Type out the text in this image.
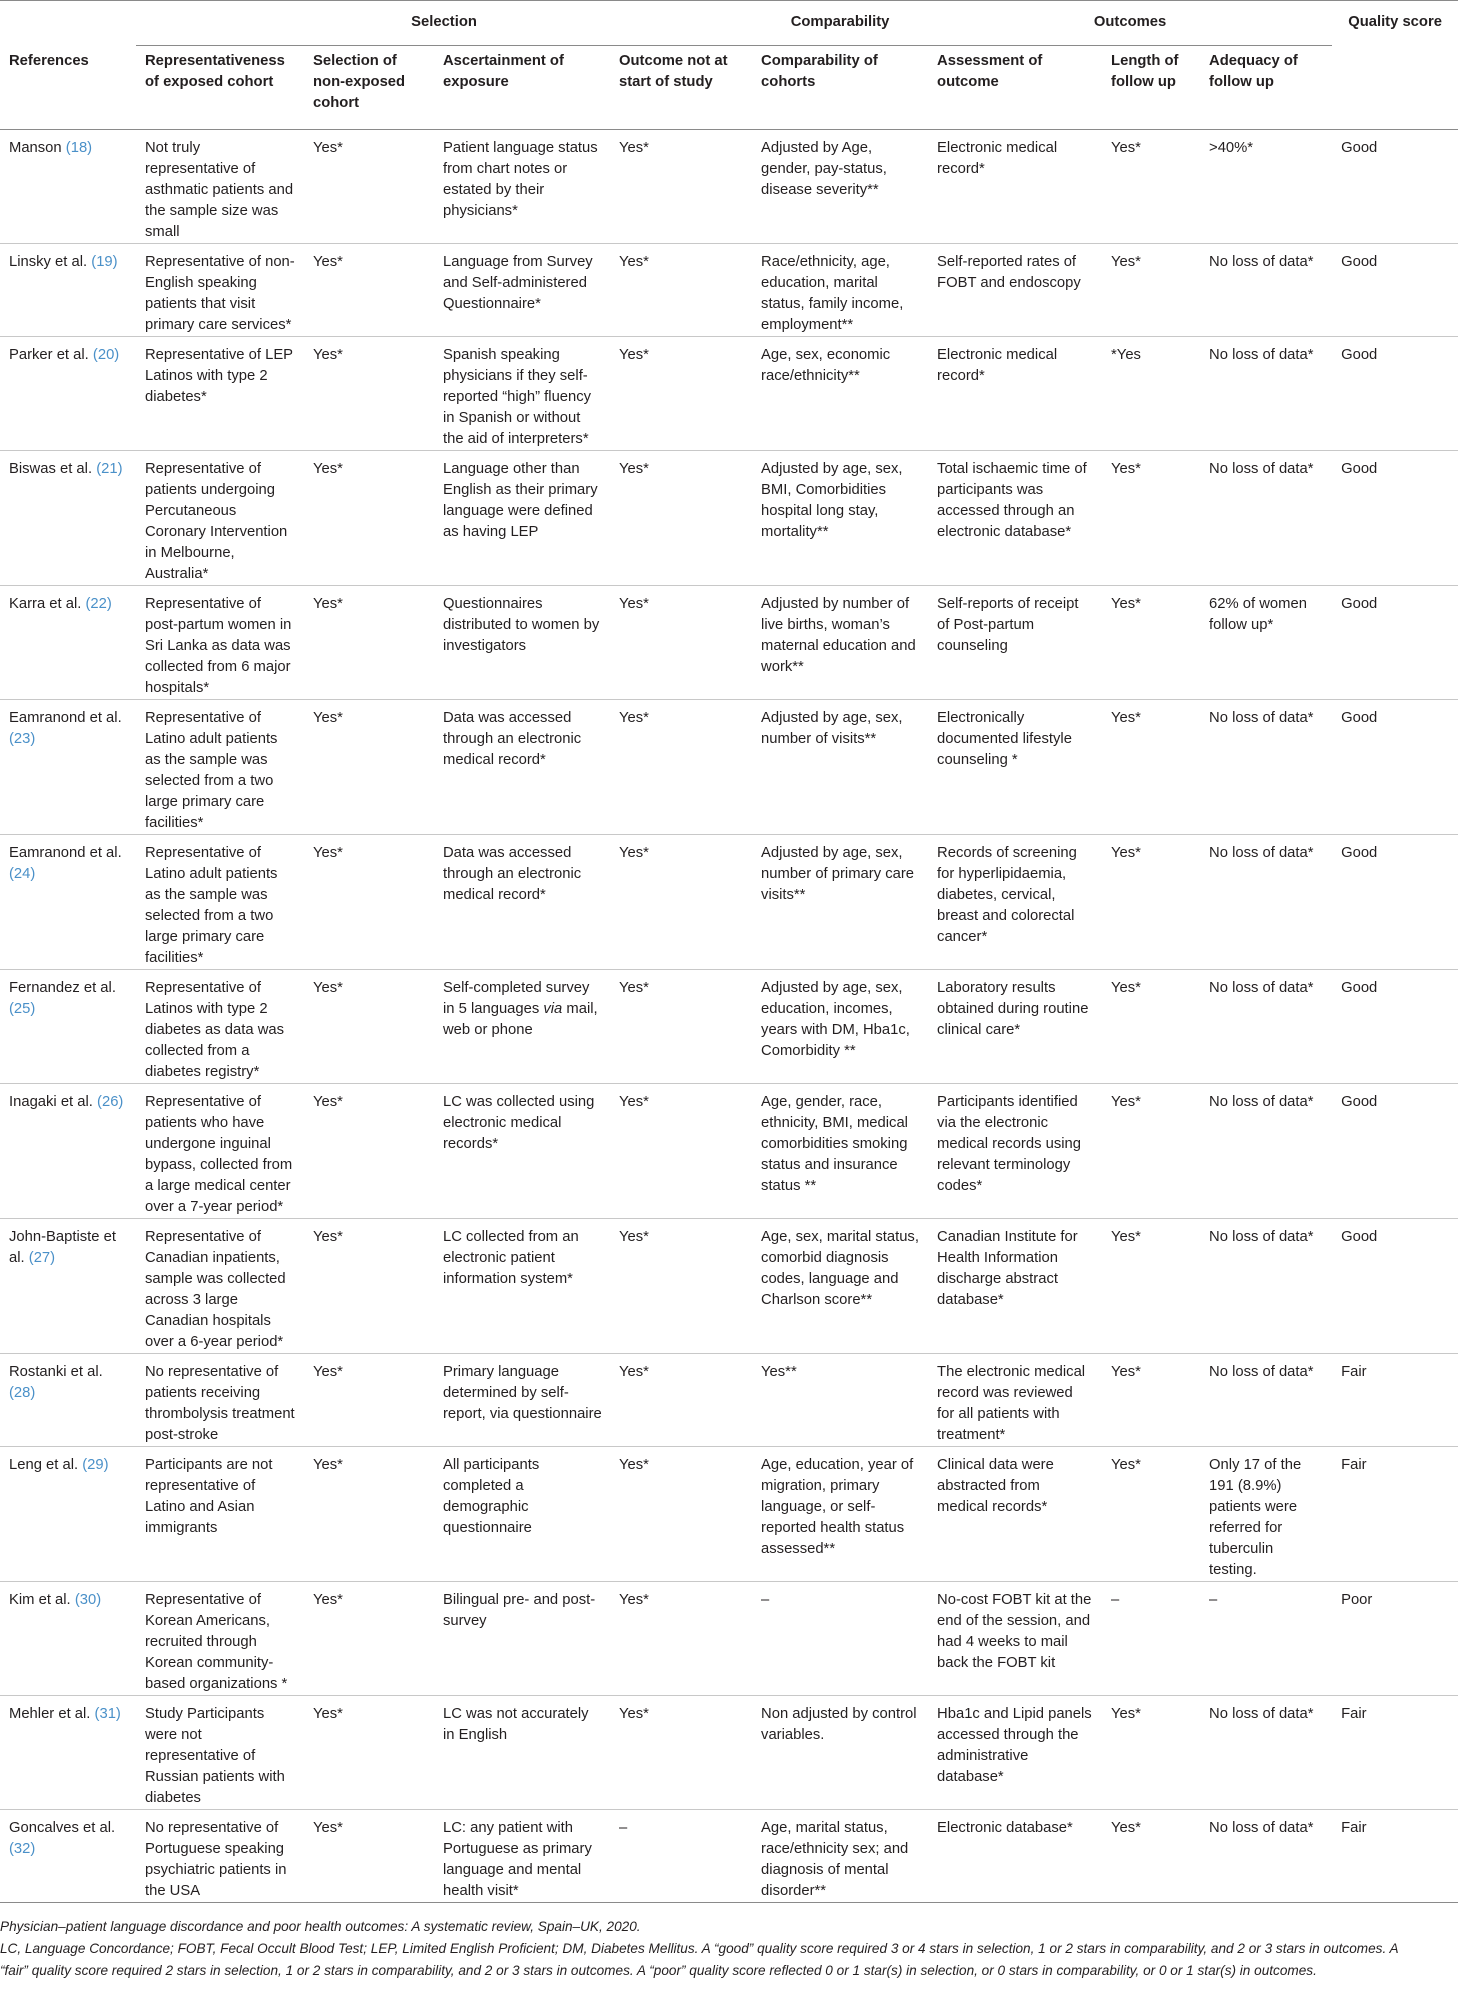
	Selection				Comparability	Outcomes			Quality score
References	Representativeness of exposed cohort	Selection of non-exposed cohort	Ascertainment of exposure	Outcome not at start of study	Comparability of cohorts	Assessment of outcome	Length of follow up	Adequacy of follow up	
Manson (18)	Not truly representative of asthmatic patients and the sample size was small	Yes*	Patient language status from chart notes or estated by their physicians*	Yes*	Adjusted by Age, gender, pay-status, disease severity**	Electronic medical record*	Yes*	>40%*	Good
Linsky et al. (19)	Representative of non-English speaking patients that visit primary care services*	Yes*	Language from Survey and Self-administered Questionnaire*	Yes*	Race/ethnicity, age, education, marital status, family income, employment**	Self-reported rates of FOBT and endoscopy	Yes*	No loss of data*	Good
Parker et al. (20)	Representative of LEP Latinos with type 2 diabetes*	Yes*	Spanish speaking physicians if they self-reported “high” fluency in Spanish or without the aid of interpreters*	Yes*	Age, sex, economic race/ethnicity**	Electronic medical record*	*Yes	No loss of data*	Good
Biswas et al. (21)	Representative of patients undergoing Percutaneous Coronary Intervention in Melbourne, Australia*	Yes*	Language other than English as their primary language were defined as having LEP	Yes*	Adjusted by age, sex, BMI, Comorbidities hospital long stay, mortality**	Total ischaemic time of participants was accessed through an electronic database*	Yes*	No loss of data*	Good
Karra et al. (22)	Representative of post-partum women in Sri Lanka as data was collected from 6 major hospitals*	Yes*	Questionnaires distributed to women by investigators	Yes*	Adjusted by number of live births, woman’s maternal education and work**	Self-reports of receipt of Post-partum counseling	Yes*	62% of women follow up*	Good
Eamranond et al. (23)	Representative of Latino adult patients as the sample was selected from a two large primary care facilities*	Yes*	Data was accessed through an electronic medical record*	Yes*	Adjusted by age, sex, number of visits**	Electronically documented lifestyle counseling *	Yes*	No loss of data*	Good
Eamranond et al. (24)	Representative of Latino adult patients as the sample was selected from a two large primary care facilities*	Yes*	Data was accessed through an electronic medical record*	Yes*	Adjusted by age, sex, number of primary care visits**	Records of screening for hyperlipidaemia, diabetes, cervical, breast and colorectal cancer*	Yes*	No loss of data*	Good
Fernandez et al. (25)	Representative of Latinos with type 2 diabetes as data was collected from a diabetes registry*	Yes*	Self-completed survey in 5 languages via mail, web or phone	Yes*	Adjusted by age, sex, education, incomes, years with DM, Hba1c, Comorbidity **	Laboratory results obtained during routine clinical care*	Yes*	No loss of data*	Good
Inagaki et al. (26)	Representative of patients who have undergone inguinal bypass, collected from a large medical center over a 7-year period*	Yes*	LC was collected using electronic medical records*	Yes*	Age, gender, race, ethnicity, BMI, medical comorbidities smoking status and insurance status **	Participants identified via the electronic medical records using relevant terminology codes*	Yes*	No loss of data*	Good
John-Baptiste et al. (27)	Representative of Canadian inpatients, sample was collected across 3 large Canadian hospitals over a 6-year period*	Yes*	LC collected from an electronic patient information system*	Yes*	Age, sex, marital status, comorbid diagnosis codes, language and Charlson score**	Canadian Institute for Health Information discharge abstract database*	Yes*	No loss of data*	Good
Rostanki et al. (28)	No representative of patients receiving thrombolysis treatment post-stroke	Yes*	Primary language determined by self-report, via questionnaire	Yes*	Yes**	The electronic medical record was reviewed for all patients with treatment*	Yes*	No loss of data*	Fair
Leng et al. (29)	Participants are not representative of Latino and Asian immigrants	Yes*	All participants completed a demographic questionnaire	Yes*	Age, education, year of migration, primary language, or self-reported health status assessed**	Clinical data were abstracted from medical records*	Yes*	Only 17 of the 191 (8.9%) patients were referred for tuberculin testing.	Fair
Kim et al. (30)	Representative of Korean Americans, recruited through Korean community-based organizations *	Yes*	Bilingual pre- and post-survey	Yes*	–	No-cost FOBT kit at the end of the session, and had 4 weeks to mail back the FOBT kit	–	–	Poor
Mehler et al. (31)	Study Participants were not representative of Russian patients with diabetes	Yes*	LC was not accurately in English	Yes*	Non adjusted by control variables.	Hba1c and Lipid panels accessed through the administrative database*	Yes*	No loss of data*	Fair
Goncalves et al. (32)	No representative of Portuguese speaking psychiatric patients in the USA	Yes*	LC: any patient with Portuguese as primary language and mental health visit*	–	Age, marital status, race/ethnicity sex; and diagnosis of mental disorder**	Electronic database*	Yes*	No loss of data*	Fair
Physician–patient language discordance and poor health outcomes: A systematic review, Spain–UK, 2020.
LC, Language Concordance; FOBT, Fecal Occult Blood Test; LEP, Limited English Proficient; DM, Diabetes Mellitus. A “good” quality score required 3 or 4 stars in selection, 1 or 2 stars in comparability, and 2 or 3 stars in outcomes. A
“fair” quality score required 2 stars in selection, 1 or 2 stars in comparability, and 2 or 3 stars in outcomes. A “poor” quality score reflected 0 or 1 star(s) in selection, or 0 stars in comparability, or 0 or 1 star(s) in outcomes.
